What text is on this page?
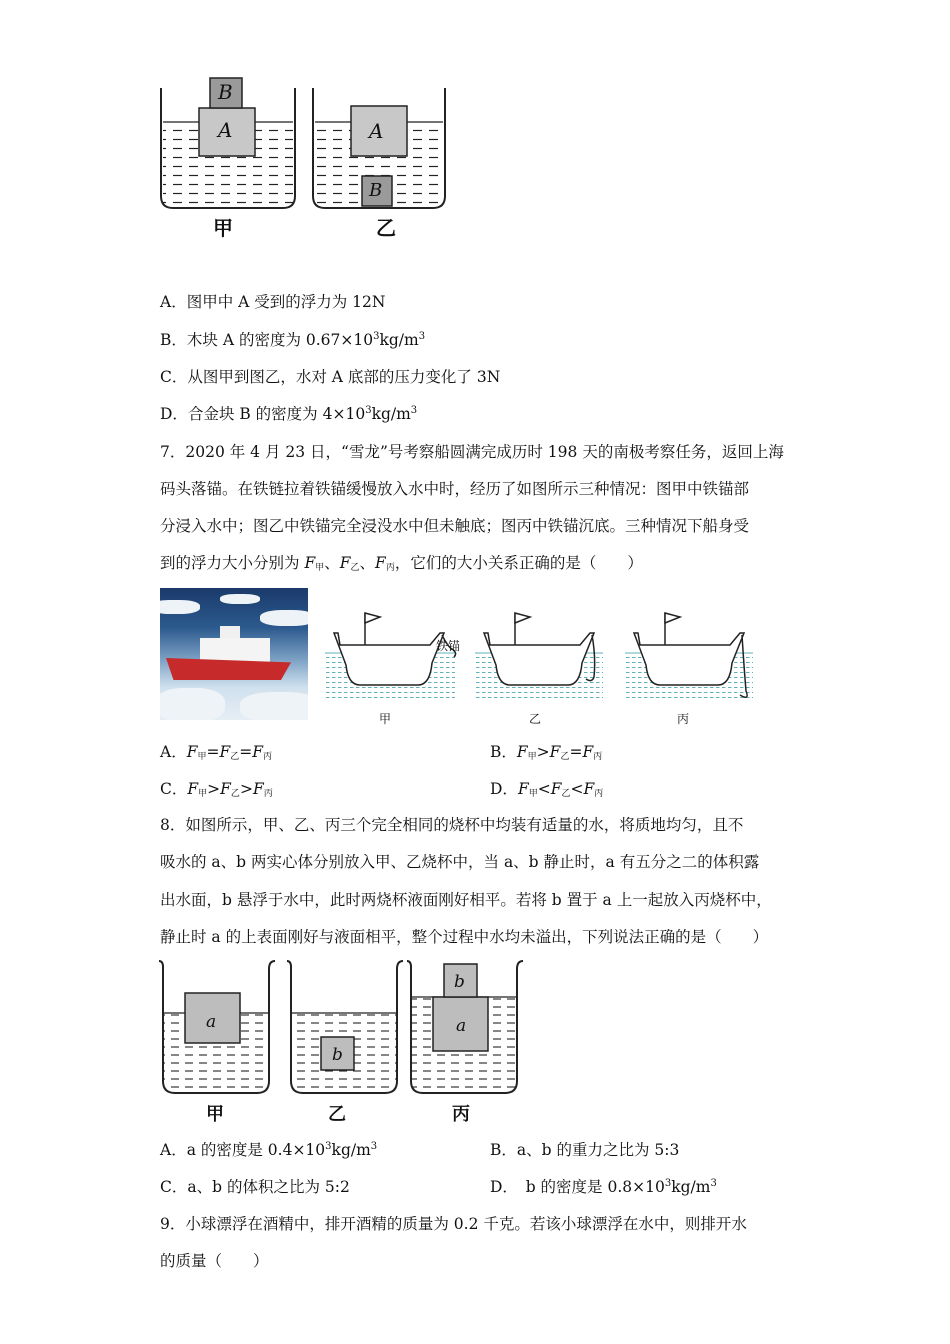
B
A	A
B
甲	乙
A．图甲中 A 受到的浮力为 12N
B．木块 A 的密度为 $0.67\times 10^3kg/m^3$
C．从图甲到图乙，水对 A 底部的压力变化了 3N
D．合金块 B 的密度为 $4\times 10^3kg/m^3$
7．2020 年 4 月 23 日，“雪龙”号考察船圆满完成历时 198 天的南极考察任务，返回上海
码头落锚。在铁链拉着铁锚缓慢放入水中时，经历了如图所示三种情况：图甲中铁锚部
分浸入水中；图乙中铁锚完全浸没水中但未触底；图丙中铁锚沉底。三种情况下船身受
到的浮力大小分别为 $F_甲$、$F_乙$、$F_丙$，它们的大小关系正确的是（　　）
铁锚
甲	乙	丙
A．$F_甲=F_乙=F_丙$	B．$F_甲>F_乙=F_丙$
C．$F_甲>F_乙>F_丙$	D．$F_甲<F_乙<F_丙$
8．如图所示，甲、乙、丙三个完全相同的烧杯中均装有适量的水，将质地均匀，且不
吸水的 a、b 两实心体分别放入甲、乙烧杯中，当 a、b 静止时，a 有五分之二的体积露
出水面，b 悬浮于水中，此时两烧杯液面刚好相平。若将 b 置于 a 上一起放入丙烧杯中，
静止时 a 的上表面刚好与液面相平，整个过程中水均未溢出，下列说法正确的是（　　）
a
b
b
a
甲	乙	丙
A．a 的密度是 $0.4\times 10^3kg/m^3$	B．a、b 的重力之比为 5:3
C．a、b 的体积之比为 5:2	D．　b 的密度是 $0.8\times 10^3kg/m^3$
9．小球漂浮在酒精中，排开酒精的质量为 0.2 千克。若该小球漂浮在水中，则排开水
的质量（　　）
